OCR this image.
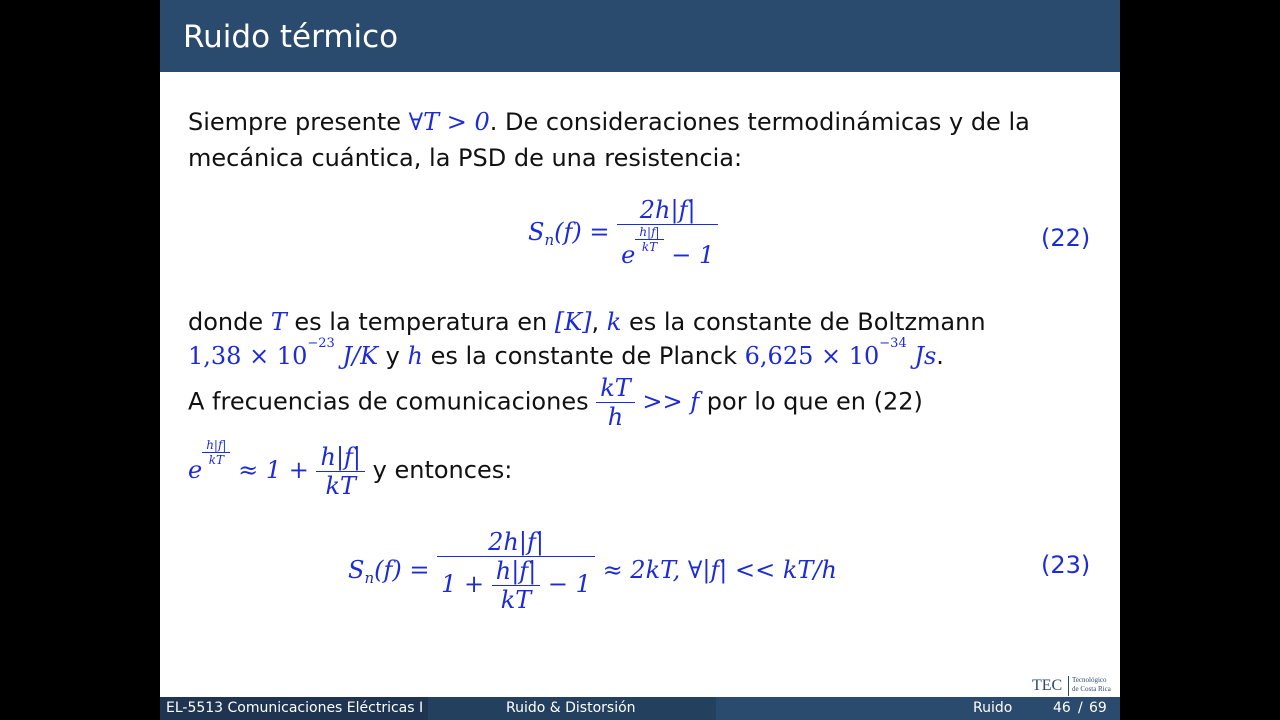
Ruido térmico
Siempre presente ∀T > 0. De consideraciones termodinámicas y de la
mecánica cuántica, la PSD de una resistencia:
$S_n(f) = 2h|f|$
e
$\frac{h|f|}{kT}$
− 1	(22)
donde T es la temperatura en [K], k es la constante de Boltzmann
$1,38 \times 10^{-23}$ J/K y h es la constante de Planck $6,625 \times 10^{-34}$ Js.
A frecuencias de comunicaciones $\frac{kT}{h} >> f$ por lo que en (22)
e
$\frac{h|f|}{kT}$
≈ $1 + \frac{h|f|}{kT}$ y entonces:
$S_n(f) = \frac{2h|f|}{1 + \frac{h|f|}{kT} - 1} \approx 2kT$, ∀|f| << kT/h	(23)
TEC Tecnológico
de Costa Rica
EL-5513 Comunicaciones Eléctricas I	Ruido & Distorsión	Ruido	46 / 69
